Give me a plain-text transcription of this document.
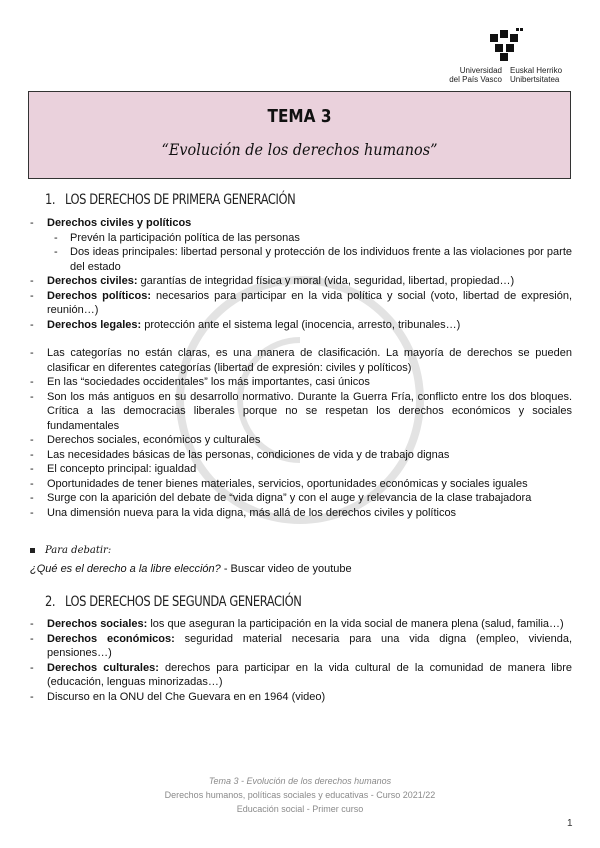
Universidad
del País Vasco
Euskal Herriko
Unibertsitatea
TEMA 3
“Evolución de los derechos humanos”
1. LOS DERECHOS DE PRIMERA GENERACIÓN
- Derechos civiles y políticos
- Prevén la participación política de las personas
- Dos ideas principales: libertad personal y protección de los individuos frente a las violaciones por parte del estado
- Derechos civiles: garantías de integridad física y moral (vida, seguridad, libertad, propiedad…)
- Derechos políticos: necesarios para participar en la vida política y social (voto, libertad de expresión, reunión…)
- Derechos legales: protección ante el sistema legal (inocencia, arresto, tribunales…)
- Las categorías no están claras, es una manera de clasificación. La mayoría de derechos se pueden clasificar en diferentes categorías (libertad de expresión: civiles y políticos)
- En las “sociedades occidentales” los más importantes, casi únicos
- Son los más antiguos en su desarrollo normativo. Durante la Guerra Fría, conflicto entre los dos bloques. Crítica a las democracias liberales porque no se respetan los derechos económicos y sociales fundamentales
- Derechos sociales, económicos y culturales
- Las necesidades básicas de las personas, condiciones de vida y de trabajo dignas
- El concepto principal: igualdad
- Oportunidades de tener bienes materiales, servicios, oportunidades económicas y sociales iguales
- Surge con la aparición del debate de “vida digna” y con el auge y relevancia de la clase trabajadora
- Una dimensión nueva para la vida digna, más allá de los derechos civiles y políticos
Para debatir:
¿Qué es el derecho a la libre elección? - Buscar video de youtube
2. LOS DERECHOS DE SEGUNDA GENERACIÓN
- Derechos sociales: los que aseguran la participación en la vida social de manera plena (salud, familia…)
- Derechos económicos: seguridad material necesaria para una vida digna (empleo, vivienda, pensiones…)
- Derechos culturales: derechos para participar en la vida cultural de la comunidad de manera libre (educación, lenguas minorizadas…)
- Discurso en la ONU del Che Guevara en en 1964 (video)
Tema 3 - Evolución de los derechos humanos
Derechos humanos, políticas sociales y educativas - Curso 2021/22
Educación social - Primer curso
1
